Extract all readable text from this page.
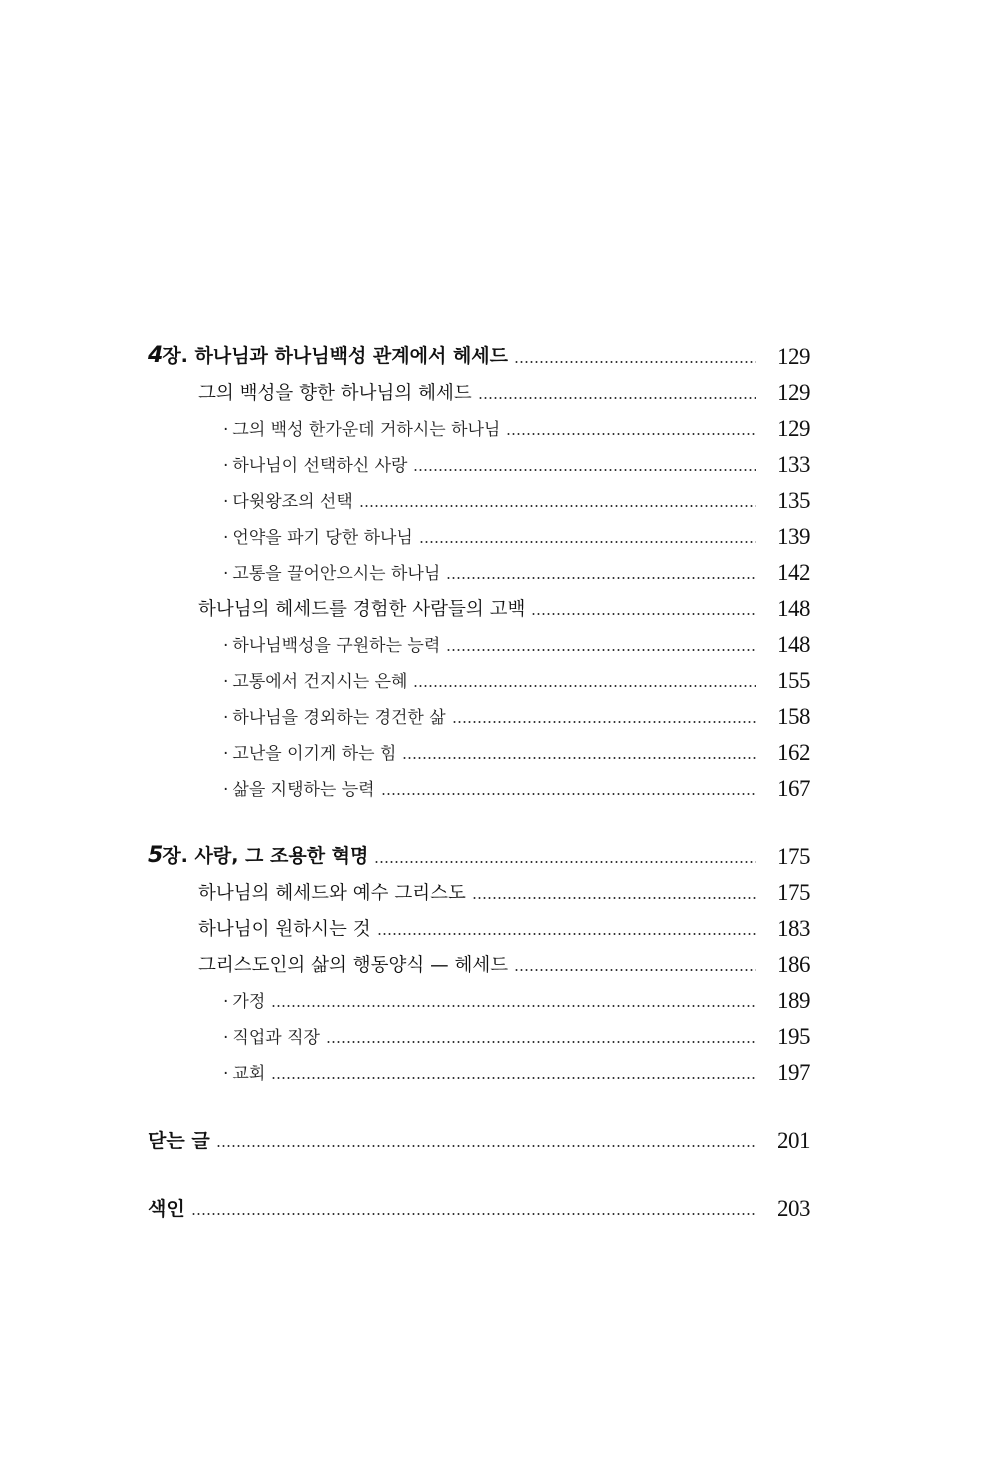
4장. 하나님과 하나님백성 관계에서 헤세드	129
그의 백성을 향한 하나님의 헤세드	129
· 그의 백성 한가운데 거하시는 하나님	129
· 하나님이 선택하신 사랑	133
· 다윗왕조의 선택	135
· 언약을 파기 당한 하나님	139
· 고통을 끌어안으시는 하나님	142
하나님의 헤세드를 경험한 사람들의 고백	148
· 하나님백성을 구원하는 능력	148
· 고통에서 건지시는 은혜	155
· 하나님을 경외하는 경건한 삶	158
· 고난을 이기게 하는 힘	162
· 삶을 지탱하는 능력	167
5장. 사랑, 그 조용한 혁명	175
하나님의 헤세드와 예수 그리스도	175
하나님이 원하시는 것	183
그리스도인의 삶의 행동양식 — 헤세드	186
· 가정	189
· 직업과 직장	195
· 교회	197
닫는 글	201
색인	203
